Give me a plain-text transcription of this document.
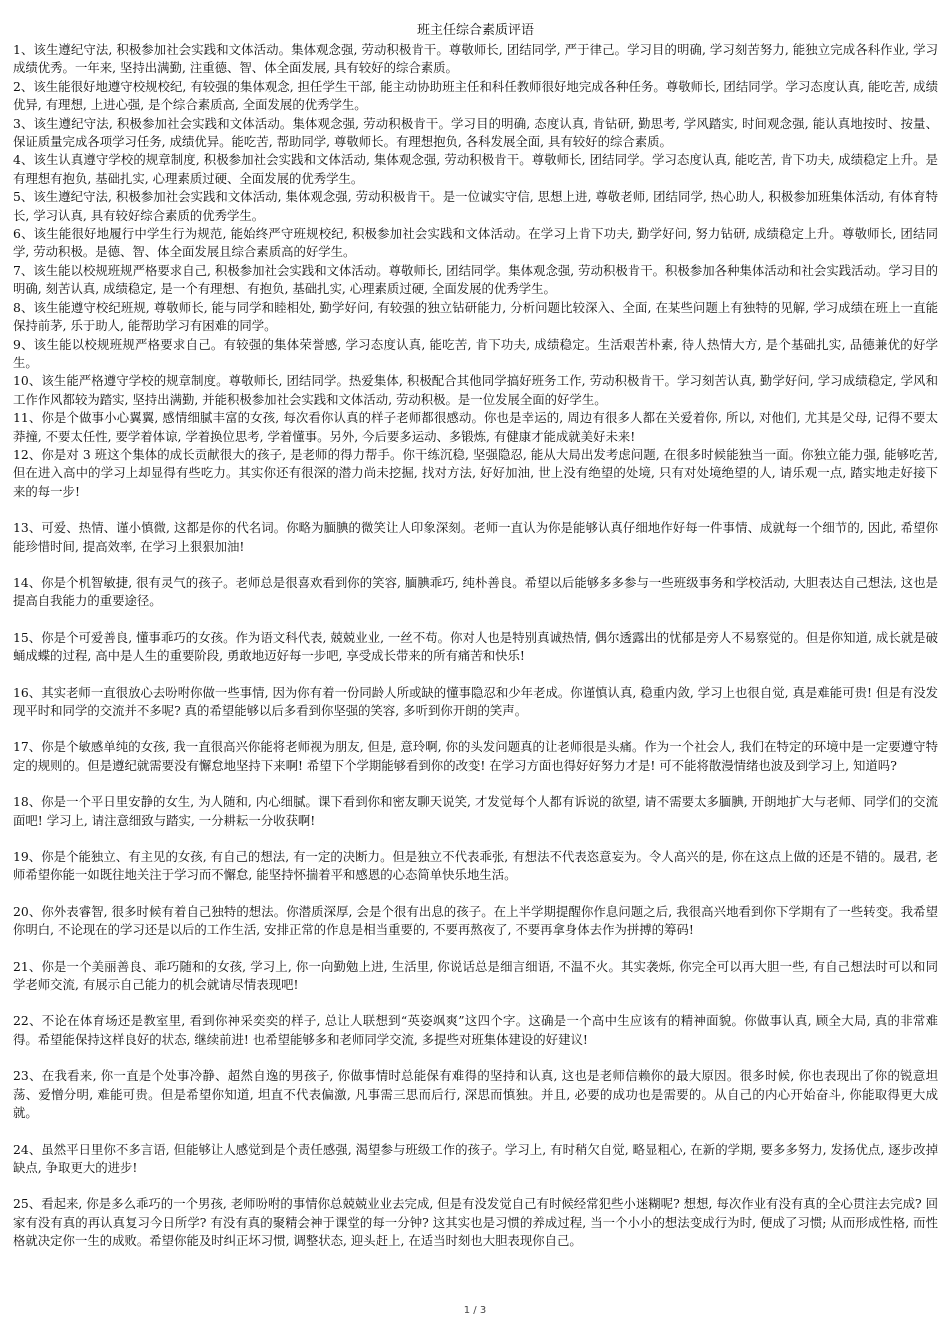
班主任综合素质评语

1、该生遵纪守法, 积极参加社会实践和文体活动。集体观念强, 劳动积极肯干。尊敬师长, 团结同学, 严于律己。学习目的明确, 学习刻苦努力, 能独立完成各科作业, 学习成绩优秀。一年来, 坚持出满勤, 注重德、智、体全面发展, 具有较好的综合素质。

2、该生能很好地遵守校规校纪, 有较强的集体观念, 担任学生干部, 能主动协助班主任和科任教师很好地完成各种任务。尊敬师长, 团结同学。学习态度认真, 能吃苦, 成绩优异, 有理想, 上进心强, 是个综合素质高, 全面发展的优秀学生。

3、该生遵纪守法, 积极参加社会实践和文体活动。集体观念强, 劳动积极肯干。学习目的明确, 态度认真, 肯钻研, 勤思考, 学风踏实, 时间观念强, 能认真地按时、按量、保证质量完成各项学习任务, 成绩优异。能吃苦, 帮助同学, 尊敬师长。有理想抱负, 各科发展全面, 具有较好的综合素质。

4、该生认真遵守学校的规章制度, 积极参加社会实践和文体活动, 集体观念强, 劳动积极肯干。尊敬师长, 团结同学。学习态度认真, 能吃苦, 肯下功夫, 成绩稳定上升。是有理想有抱负, 基础扎实, 心理素质过硬、全面发展的优秀学生。

5、该生遵纪守法, 积极参加社会实践和文体活动, 集体观念强, 劳动积极肯干。是一位诚实守信, 思想上进, 尊敬老师, 团结同学, 热心助人, 积极参加班集体活动, 有体育特长, 学习认真, 具有较好综合素质的优秀学生。

6、该生能很好地履行中学生行为规范, 能始终严守班规校纪, 积极参加社会实践和文体活动。在学习上肯下功夫, 勤学好问, 努力钻研, 成绩稳定上升。尊敬师长, 团结同学, 劳动积极。是德、智、体全面发展且综合素质高的好学生。

7、该生能以校规班规严格要求自己, 积极参加社会实践和文体活动。尊敬师长, 团结同学。集体观念强, 劳动积极肯干。积极参加各种集体活动和社会实践活动。学习目的明确, 刻苦认真, 成绩稳定, 是一个有理想、有抱负, 基础扎实, 心理素质过硬, 全面发展的优秀学生。

8、该生能遵守校纪班规, 尊敬师长, 能与同学和睦相处, 勤学好问, 有较强的独立钻研能力, 分析问题比较深入、全面, 在某些问题上有独特的见解, 学习成绩在班上一直能保持前茅, 乐于助人, 能帮助学习有困难的同学。

9、该生能以校规班规严格要求自己。有较强的集体荣誉感, 学习态度认真, 能吃苦, 肯下功夫, 成绩稳定。生活艰苦朴素, 待人热情大方, 是个基础扎实, 品德兼优的好学生。

10、该生能严格遵守学校的规章制度。尊敬师长, 团结同学。热爱集体, 积极配合其他同学搞好班务工作, 劳动积极肯干。学习刻苦认真, 勤学好问, 学习成绩稳定, 学风和工作作风都较为踏实, 坚持出满勤, 并能积极参加社会实践和文体活动, 劳动积极。是一位发展全面的好学生。

11、你是个做事小心翼翼, 感情细腻丰富的女孩, 每次看你认真的样子老师都很感动。你也是幸运的, 周边有很多人都在关爱着你, 所以, 对他们, 尤其是父母, 记得不要太莽撞, 不要太任性, 要学着体谅, 学着换位思考, 学着懂事。另外, 今后要多运动、多锻炼, 有健康才能成就美好未来!

12、你是对 3 班这个集体的成长贡献很大的孩子, 是老师的得力帮手。你干练沉稳, 坚强隐忍, 能从大局出发考虑问题, 在很多时候能独当一面。你独立能力强, 能够吃苦, 但在进入高中的学习上却显得有些吃力。其实你还有很深的潜力尚未挖掘, 找对方法, 好好加油, 世上没有绝望的处境, 只有对处境绝望的人, 请乐观一点, 踏实地走好接下来的每一步!

13、可爱、热情、谨小慎微, 这都是你的代名词。你略为腼腆的微笑让人印象深刻。老师一直认为你是能够认真仔细地作好每一件事情、成就每一个细节的, 因此, 希望你能珍惜时间, 提高效率, 在学习上狠狠加油!

14、你是个机智敏捷, 很有灵气的孩子。老师总是很喜欢看到你的笑容, 腼腆乖巧, 纯朴善良。希望以后能够多多参与一些班级事务和学校活动, 大胆表达自己想法, 这也是提高自我能力的重要途径。

15、你是个可爱善良, 懂事乖巧的女孩。作为语文科代表, 兢兢业业, 一丝不苟。你对人也是特别真诚热情, 偶尔透露出的忧郁是旁人不易察觉的。但是你知道, 成长就是破蛹成蝶的过程, 高中是人生的重要阶段, 勇敢地迈好每一步吧, 享受成长带来的所有痛苦和快乐!

16、其实老师一直很放心去吩咐你做一些事情, 因为你有着一份同龄人所或缺的懂事隐忍和少年老成。你谨慎认真, 稳重内敛, 学习上也很自觉, 真是难能可贵! 但是有没发现平时和同学的交流并不多呢? 真的希望能够以后多看到你坚强的笑容, 多听到你开朗的笑声。

17、你是个敏感单纯的女孩, 我一直很高兴你能将老师视为朋友, 但是, 意玲啊, 你的头发问题真的让老师很是头痛。作为一个社会人, 我们在特定的环境中是一定要遵守特定的规则的。但是遵纪就需要没有懈怠地坚持下来啊! 希望下个学期能够看到你的改变! 在学习方面也得好好努力才是! 可不能将散漫情绪也波及到学习上, 知道吗?

18、你是一个平日里安静的女生, 为人随和, 内心细腻。课下看到你和密友聊天说笑, 才发觉每个人都有诉说的欲望, 请不需要太多腼腆, 开朗地扩大与老师、同学们的交流面吧! 学习上, 请注意细致与踏实, 一分耕耘一分收获啊!

19、你是个能独立、有主见的女孩, 有自己的想法, 有一定的决断力。但是独立不代表乖张, 有想法不代表恣意妄为。令人高兴的是, 你在这点上做的还是不错的。晟君, 老师希望你能一如既往地关注于学习而不懈怠, 能坚持怀揣着平和感恩的心态简单快乐地生活。

20、你外表睿智, 很多时候有着自己独特的想法。你潜质深厚, 会是个很有出息的孩子。在上半学期提醒你作息问题之后, 我很高兴地看到你下学期有了一些转变。我希望你明白, 不论现在的学习还是以后的工作生活, 安排正常的作息是相当重要的, 不要再熬夜了, 不要再拿身体去作为拼搏的筹码!

21、你是一个美丽善良、乖巧随和的女孩, 学习上, 你一向勤勉上进, 生活里, 你说话总是细言细语, 不温不火。其实袭烁, 你完全可以再大胆一些, 有自己想法时可以和同学老师交流, 有展示自己能力的机会就请尽情表现吧!

22、不论在体育场还是教室里, 看到你神采奕奕的样子, 总让人联想到“英姿飒爽”这四个字。这确是一个高中生应该有的精神面貌。你做事认真, 顾全大局, 真的非常难得。希望能保持这样良好的状态, 继续前进! 也希望能够多和老师同学交流, 多提些对班集体建设的好建议!

23、在我看来, 你一直是个处事冷静、超然自逸的男孩子, 你做事情时总能保有难得的坚持和认真, 这也是老师信赖你的最大原因。很多时候, 你也表现出了你的锐意坦荡、爱憎分明, 难能可贵。但是希望你知道, 坦直不代表偏激, 凡事需三思而后行, 深思而慎独。并且, 必要的成功也是需要的。从自己的内心开始奋斗, 你能取得更大成就。

24、虽然平日里你不多言语, 但能够让人感觉到是个责任感强, 渴望参与班级工作的孩子。学习上, 有时稍欠自觉, 略显粗心, 在新的学期, 要多多努力, 发扬优点, 逐步改掉缺点, 争取更大的进步!

25、看起来, 你是多么乖巧的一个男孩, 老师吩咐的事情你总兢兢业业去完成, 但是有没发觉自己有时候经常犯些小迷糊呢? 想想, 每次作业有没有真的全心贯注去完成? 回家有没有真的再认真复习今日所学? 有没有真的聚精会神于课堂的每一分钟? 这其实也是习惯的养成过程, 当一个小小的想法变成行为时, 便成了习惯; 从而形成性格, 而性格就决定你一生的成败。希望你能及时纠正坏习惯, 调整状态, 迎头赶上, 在适当时刻也大胆表现你自己。

1 / 3
